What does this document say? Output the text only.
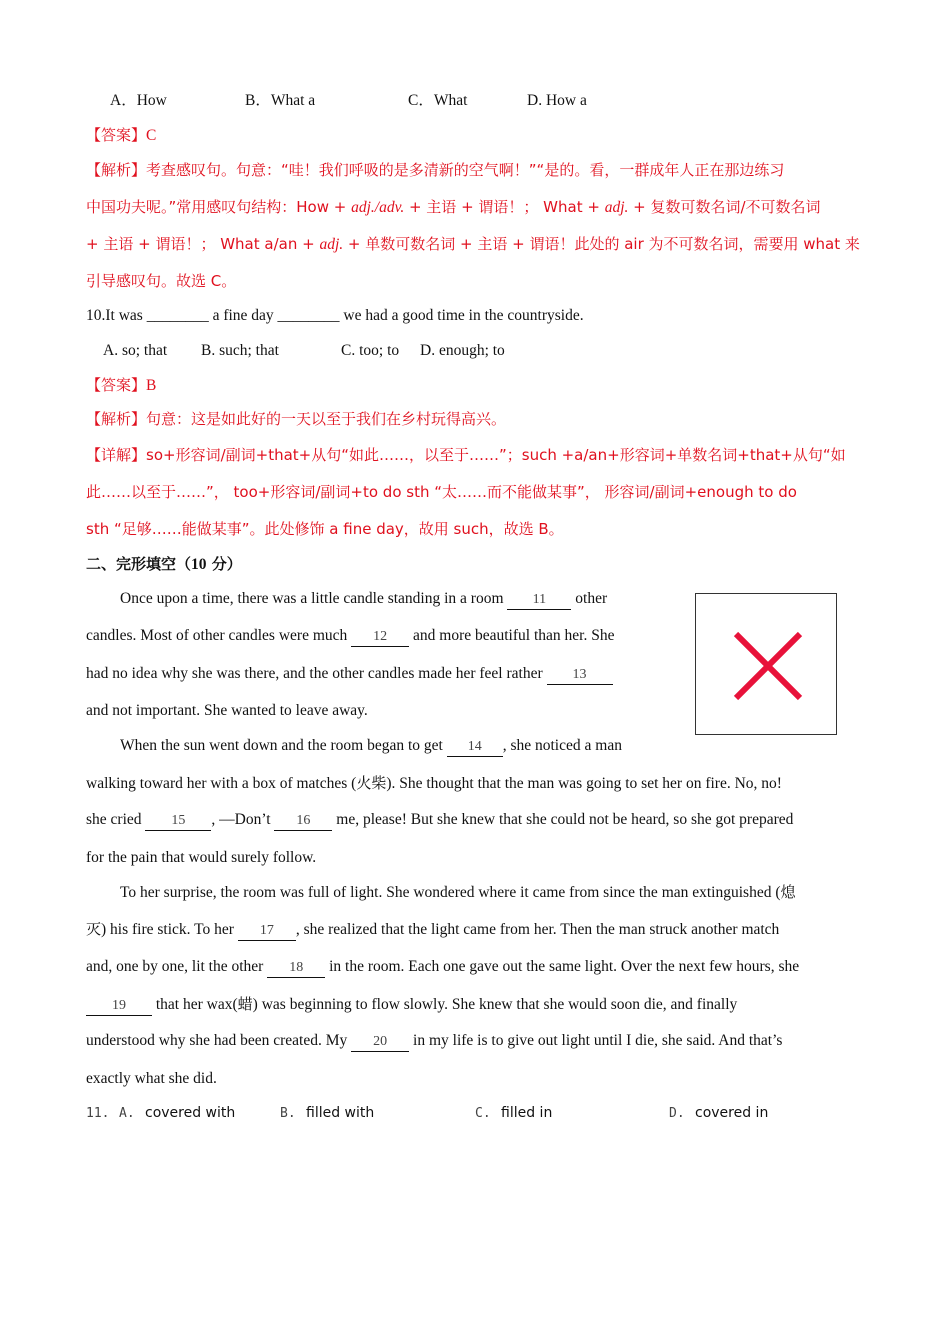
A．How	B．What a	C．What	D. How a
【答案】C
【解析】考查感叹句。句意：“哇！我们呼吸的是多清新的空气啊！”“是的。看，一群成年人正在那边练习
中国功夫呢。”常用感叹句结构：How + adj./adv. + 主语 + 谓语！； What + adj. + 复数可数名词/不可数名词
+ 主语 + 谓语！； What a/an + adj. + 单数可数名词 + 主语 + 谓语！此处的 air 为不可数名词，需要用 what 来
引导感叹句。故选 C。
10.It was ________ a fine day ________ we had a good time in the countryside.
A. so; that B. such; that	C. too; to D. enough; to
【答案】B
【解析】句意：这是如此好的一天以至于我们在乡村玩得高兴。
【详解】so+形容词/副词+that+从句“如此……，以至于……”；such +a/an+形容词+单数名词+that+从句“如
此……以至于……”， too+形容词/副词+to do sth “太……而不能做某事”， 形容词/副词+enough to do
sth “足够……能做某事”。此处修饰 a fine day，故用 such，故选 B。
二、完形填空（10 分）
Once upon a time, there was a little candle standing in a room 11 other
candles. Most of other candles were much 12 and more beautiful than her. She
had no idea why she was there, and the other candles made her feel rather 13
and not important. She wanted to leave away.
When the sun went down and the room began to get 14 , she noticed a man
walking toward her with a box of matches (火柴). She thought that the man was going to set her on fire. No, no!
she cried 15 , —Don’t 16 me, please! But she knew that she could not be heard, so she got prepared
for the pain that would surely follow.
To her surprise, the room was full of light. She wondered where it came from since the man extinguished (熄
灭) his fire stick. To her 17 , she realized that the light came from her. Then the man struck another match
and, one by one, lit the other 18 in the room. Each one gave out the same light. Over the next few hours, she
19 that her wax(蜡) was beginning to flow slowly. She knew that she would soon die, and finally
understood why she had been created. My 20 in my life is to give out light until I die, she said. And that’s
exactly what she did.
11. A. covered with	B. filled with	C. filled in	D. covered in
